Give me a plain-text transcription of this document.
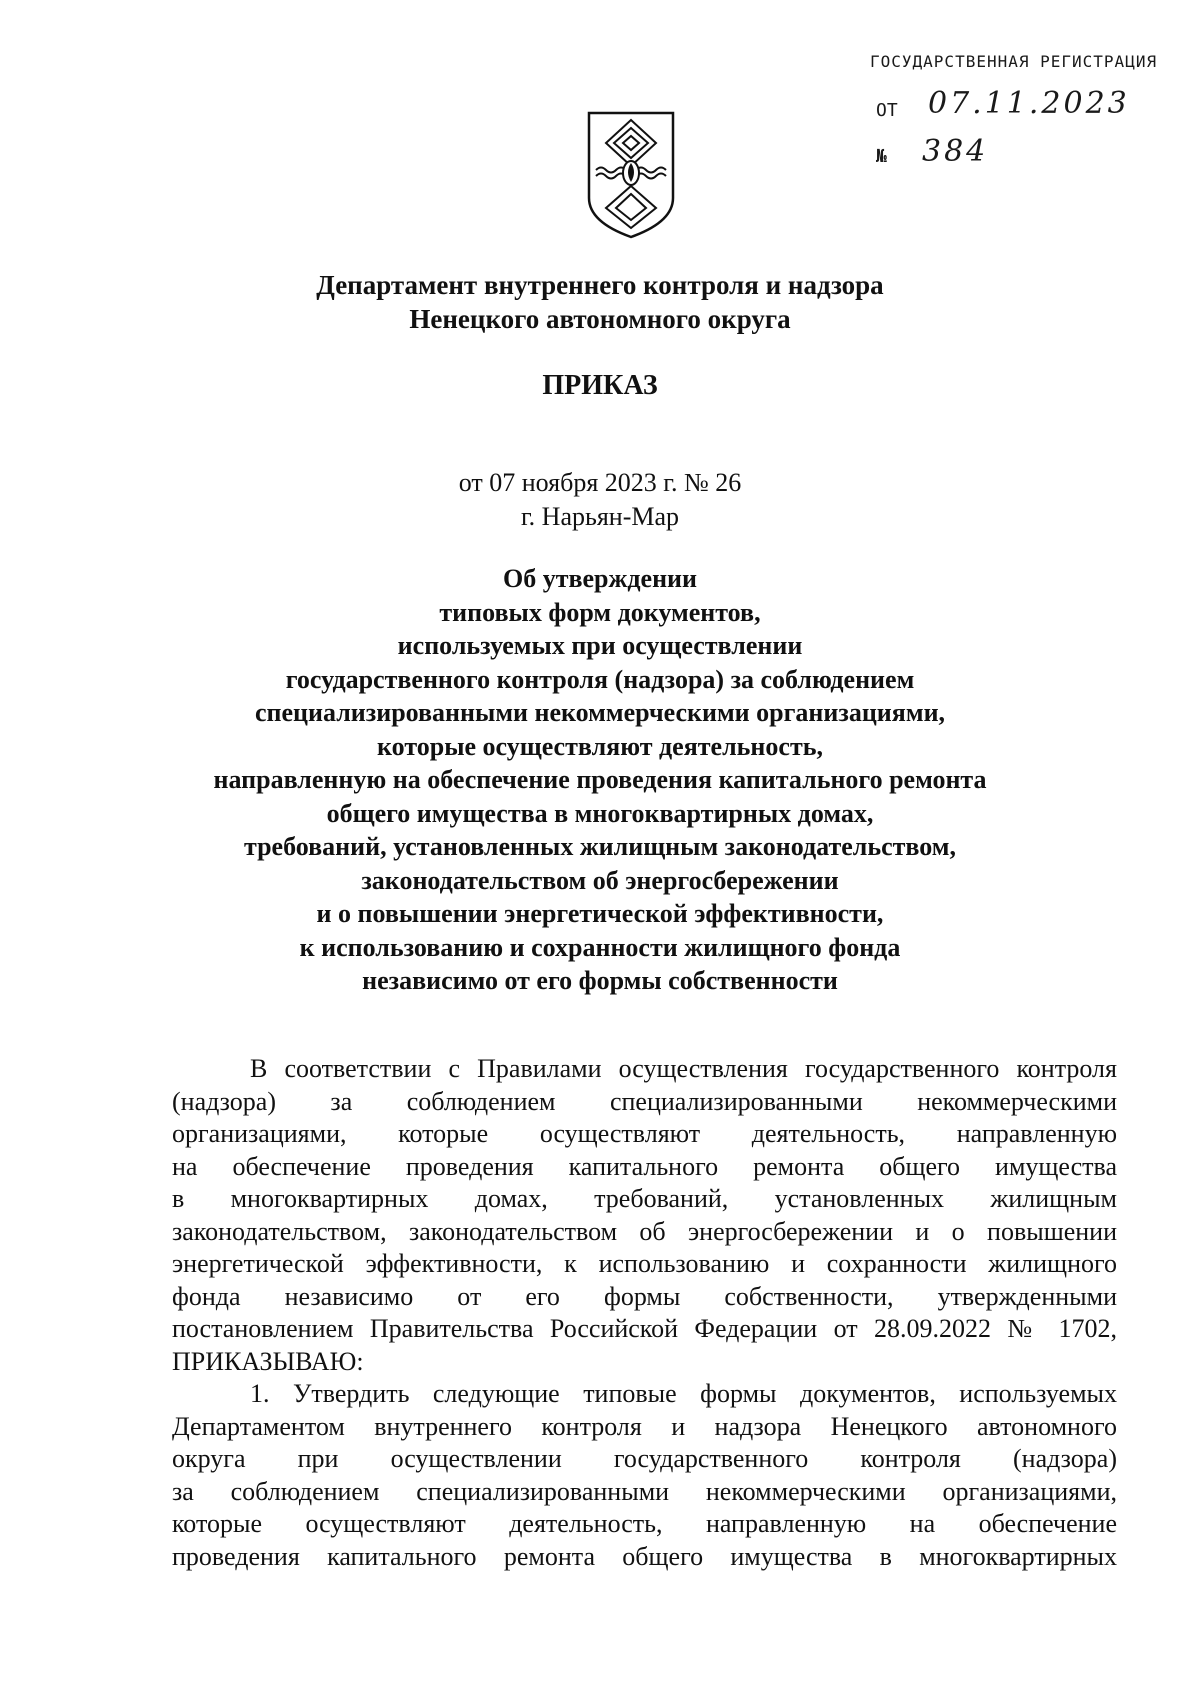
ГОСУДАРСТВЕННАЯ РЕГИСТРАЦИЯ
ОТ 07.11.2023
№ 384
Департамент внутреннего контроля и надзора
Ненецкого автономного округа
ПРИКАЗ
от 07 ноября 2023 г. № 26
г. Нарьян-Мар
Об утверждении
типовых форм документов,
используемых при осуществлении
государственного контроля (надзора) за соблюдением
специализированными некоммерческими организациями,
которые осуществляют деятельность,
направленную на обеспечение проведения капитального ремонта
общего имущества в многоквартирных домах,
требований, установленных жилищным законодательством,
законодательством об энергосбережении
и о повышении энергетической эффективности,
к использованию и сохранности жилищного фонда
независимо от его формы собственности
В соответствии с Правилами осуществления государственного контроля
(надзора) за соблюдением специализированными некоммерческими
организациями, которые осуществляют деятельность, направленную
на обеспечение проведения капитального ремонта общего имущества
в многоквартирных домах, требований, установленных жилищным
законодательством, законодательством об энергосбережении и о повышении
энергетической эффективности, к использованию и сохранности жилищного
фонда независимо от его формы собственности, утвержденными
постановлением Правительства Российской Федерации от 28.09.2022 № 1702,
ПРИКАЗЫВАЮ:
1. Утвердить следующие типовые формы документов, используемых
Департаментом внутреннего контроля и надзора Ненецкого автономного
округа при осуществлении государственного контроля (надзора)
за соблюдением специализированными некоммерческими организациями,
которые осуществляют деятельность, направленную на обеспечение
проведения капитального ремонта общего имущества в многоквартирных
